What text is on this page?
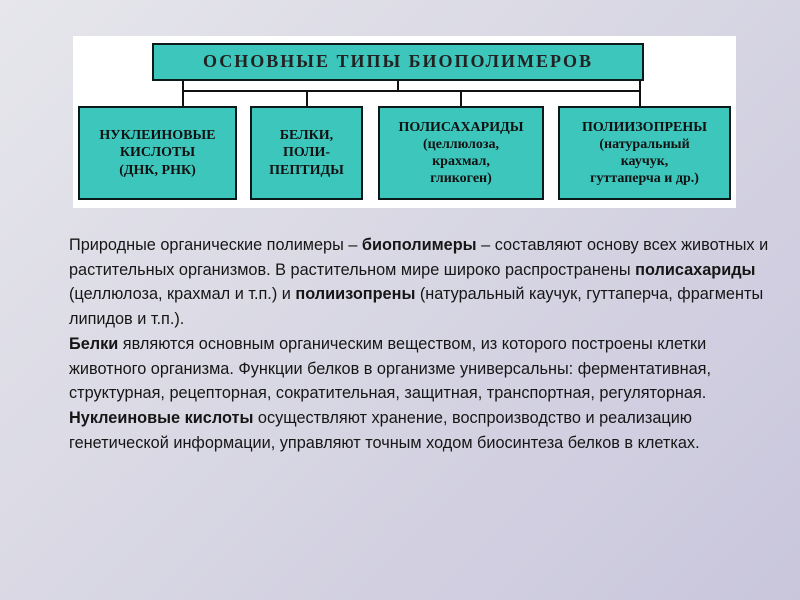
ОСНОВНЫЕ ТИПЫ БИОПОЛИМЕРОВ
НУКЛЕИНОВЫЕ
КИСЛОТЫ
(ДНК, РНК)
БЕЛКИ,
ПОЛИ-
ПЕПТИДЫ
ПОЛИСАХАРИДЫ
(целлюлоза,
крахмал,
гликоген)
ПОЛИИЗОПРЕНЫ
(натуральный
каучук,
гуттаперча и др.)

Природные органические полимеры – биополимеры – составляют основу всех животных и растительных организмов. В растительном мире широко распространены полисахариды (целлюлоза, крахмал и т.п.) и полиизопрены (натуральный каучук, гуттаперча, фрагменты липидов и т.п.).

Белки являются основным органическим веществом, из которого построены клетки животного организма. Функции белков в организме универсальны: ферментативная, структурная, рецепторная, сократительная, защитная, транспортная, регуляторная.

Нуклеиновые кислоты осуществляют хранение, воспроизводство и реализацию генетической информации, управляют точным ходом биосинтеза белков в клетках.
